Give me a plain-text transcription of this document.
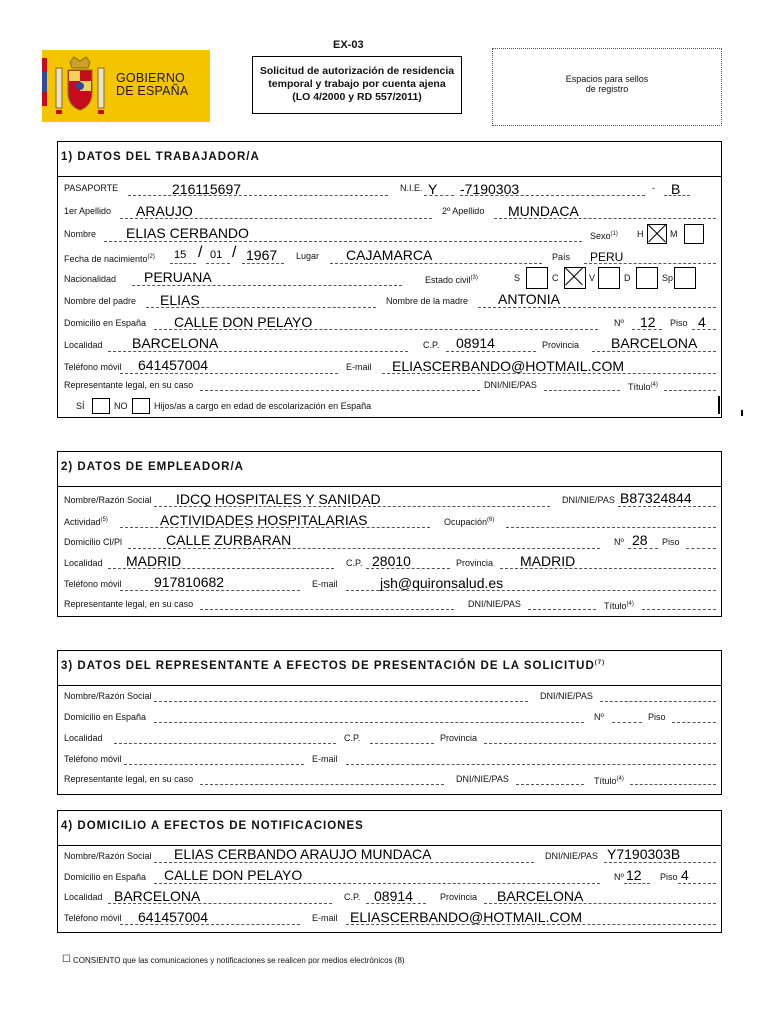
GOBIERNO
DE ESPAÑA
EX-03
Solicitud de autorización de residencia
temporal y trabajo por cuenta ajena
(LO 4/2000 y RD 557/2011)
Espacios para sellos
de registro
1) DATOS DEL TRABAJADOR/A
PASAPORTE	216115697	N.I.E. Y -7190303	- B
1er Apellido ARAUJO	2º Apellido MUNDACA
Nombre ELIAS CERBANDO	Sexo$^{(1)}$ H	M
Fecha de nacimiento$^{(2)}$ 15 / 01 / 1967 Lugar CAJAMARCA	País PERU
Nacionalidad PERUANA	Estado civil$^{(3)}$	S	C	V	D	Sp
Nombre del padre ELIAS	Nombre de la madre ANTONIA
Domicilio en España CALLE DON PELAYO	Nº 12 Piso 4
Localidad BARCELONA	C.P. 08914	Provincia BARCELONA
Teléfono móvil 641457004	E-mail ELIASCERBANDO@HOTMAIL.COM
Representante legal, en su caso	DNI/NIE/PAS	Título$^{(4)}$
SÍ	NO	Hijos/as a cargo en edad de escolarización en España
2) DATOS DE EMPLEADOR/A
Nombre/Razón Social IDCQ HOSPITALES Y SANIDAD	DNI/NIE/PAS B87324844
Actividad$^{(5)}$	ACTIVIDADES HOSPITALARIAS	Ocupación$^{(6)}$
Domicilio Cl/Pl	CALLE ZURBARAN	Nº 28 Piso
Localidad MADRID	C.P. 28010	Provincia MADRID
Teléfono móvil 917810682	E-mail	jsh@quironsalud.es
Representante legal, en su caso	DNI/NIE/PAS	Título$^{(4)}$
3) DATOS DEL REPRESENTANTE A EFECTOS DE PRESENTACIÓN DE LA SOLICITUD$^{(7)}$
Nombre/Razón Social	DNI/NIE/PAS
Domicilio en España	Nº	Piso
Localidad	C.P.	Provincia
Teléfono móvil	E-mail
Representante legal, en su caso	DNI/NIE/PAS	Título$^{(4)}$
4) DOMICILIO A EFECTOS DE NOTIFICACIONES
Nombre/Razón Social ELIAS CERBANDO ARAUJO MUNDACA	DNI/NIE/PAS Y7190303B
Domicilio en España CALLE DON PELAYO	Nº 12 Piso 4
Localidad BARCELONA	C.P. 08914	Provincia BARCELONA
Teléfono móvil 641457004	E-mail ELIASCERBANDO@HOTMAIL.COM
☐ CONSIENTO que las comunicaciones y notificaciones se realicen por medios electrónicos (8)
